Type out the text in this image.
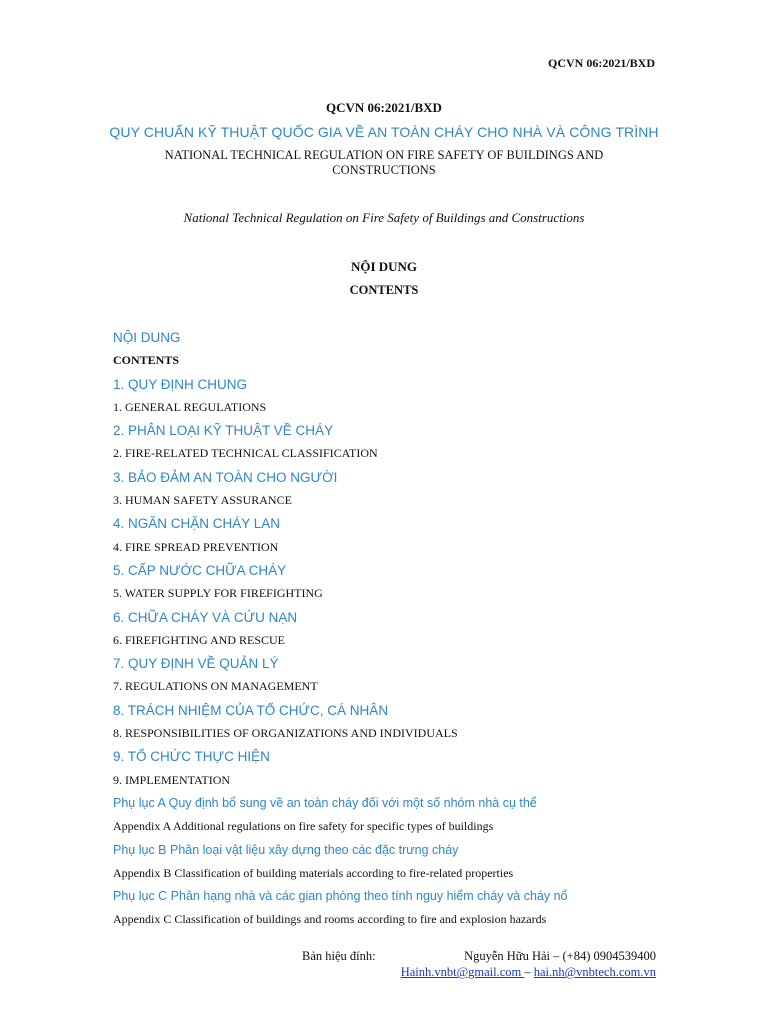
QCVN 06:2021/BXD
QCVN 06:2021/BXD
QUY CHUẨN KỸ THUẬT QUỐC GIA VỀ AN TOÀN CHÁY CHO NHÀ VÀ CÔNG TRÌNH
NATIONAL TECHNICAL REGULATION ON FIRE SAFETY OF BUILDINGS AND
CONSTRUCTIONS
National Technical Regulation on Fire Safety of Buildings and Constructions
NỘI DUNG
CONTENTS
NỘI DUNG
CONTENTS
1. QUY ĐỊNH CHUNG
1. GENERAL REGULATIONS
2. PHÂN LOẠI KỸ THUẬT VỀ CHÁY
2. FIRE-RELATED TECHNICAL CLASSIFICATION
3. BẢO ĐẢM AN TOÀN CHO NGƯỜI
3. HUMAN SAFETY ASSURANCE
4. NGĂN CHẶN CHÁY LAN
4. FIRE SPREAD PREVENTION
5. CẤP NƯỚC CHỮA CHÁY
5. WATER SUPPLY FOR FIREFIGHTING
6. CHỮA CHÁY VÀ CỨU NẠN
6. FIREFIGHTING AND RESCUE
7. QUY ĐỊNH VỀ QUẢN LÝ
7. REGULATIONS ON MANAGEMENT
8. TRÁCH NHIỆM CỦA TỔ CHỨC, CÁ NHÂN
8. RESPONSIBILITIES OF ORGANIZATIONS AND INDIVIDUALS
9. TỔ CHỨC THỰC HIỆN
9. IMPLEMENTATION
Phụ lục A Quy định bổ sung về an toàn cháy đối với một số nhóm nhà cụ thể
Appendix A Additional regulations on fire safety for specific types of buildings
Phụ lục B Phân loại vật liệu xây dựng theo các đặc trưng cháy
Appendix B Classification of building materials according to fire-related properties
Phụ lục C Phân hạng nhà và các gian phòng theo tính nguy hiểm cháy và cháy nổ
Appendix C Classification of buildings and rooms according to fire and explosion hazards
Bản hiệu đính:	Nguyễn Hữu Hải – (+84) 0904539400
Hainh.vnbt@gmail.com – hai.nh@vnbtech.com.vn
